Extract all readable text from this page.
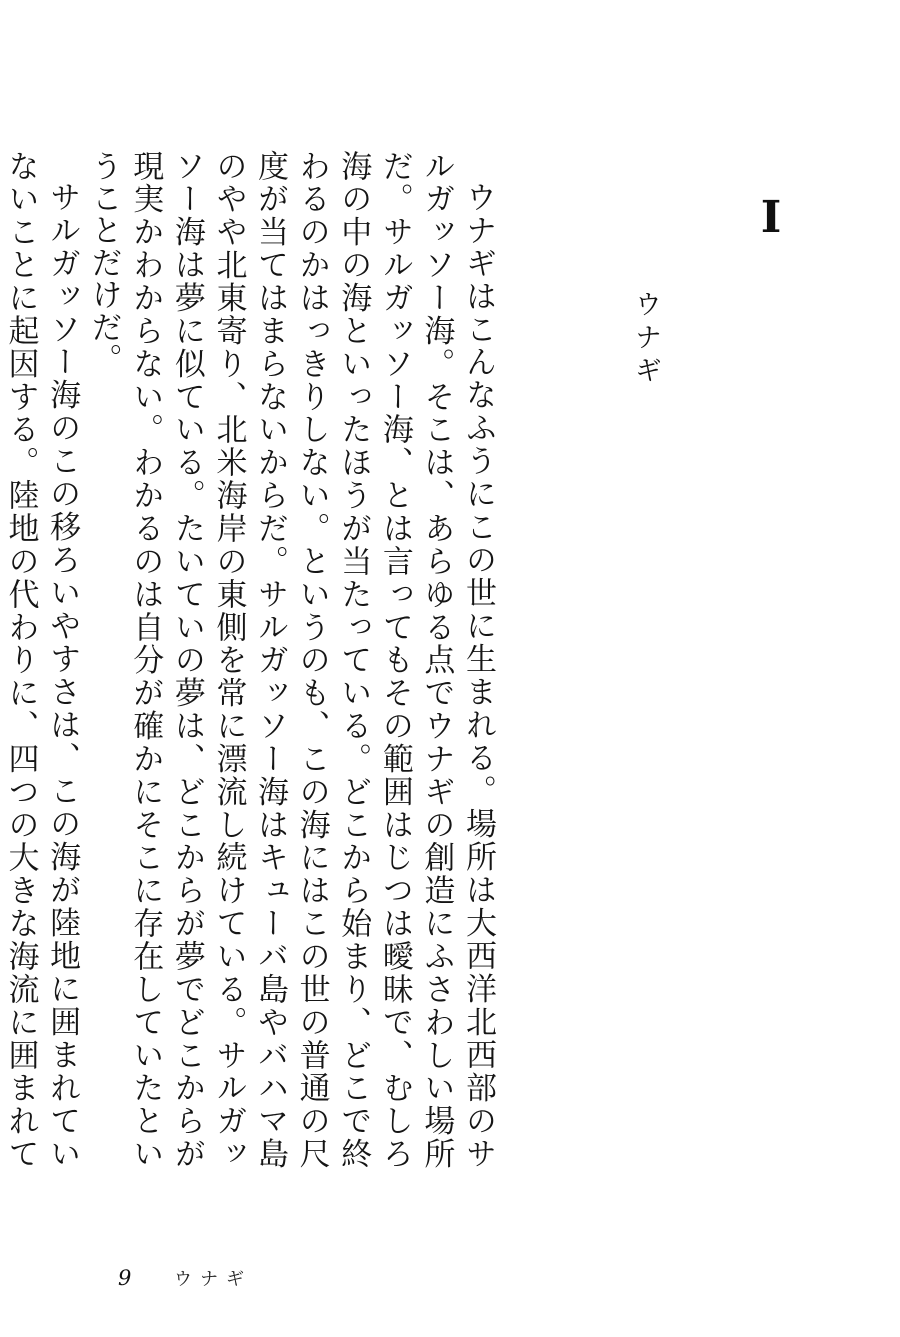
I
ウナギ

ウナギはこんなふうにこの世に生まれる。場所は大西洋北西部のサルガッソー海。そこは、あらゆる点でウナギの創造にふさわしい場所だ。サルガッソー海、とは言ってもその範囲はじつは曖昧で、むしろ海の中の海といったほうが当たっている。どこから始まり、どこで終わるのかはっきりしない。というのも、この海にはこの世の普通の尺度が当てはまらないからだ。サルガッソー海はキューバ島やバハマ島のやや北東寄り、北米海岸の東側を常に漂流し続けている。サルガッソー海は夢に似ている。たいていの夢は、どこからが夢でどこからが現実かわからない。わかるのは自分が確かにそこに存在していたということだけだ。

サルガッソー海のこの移ろいやすさは、この海が陸地に囲まれていないことに起因する。陸地の代わりに、四つの大きな海流に囲まれて

9	ウナギ
